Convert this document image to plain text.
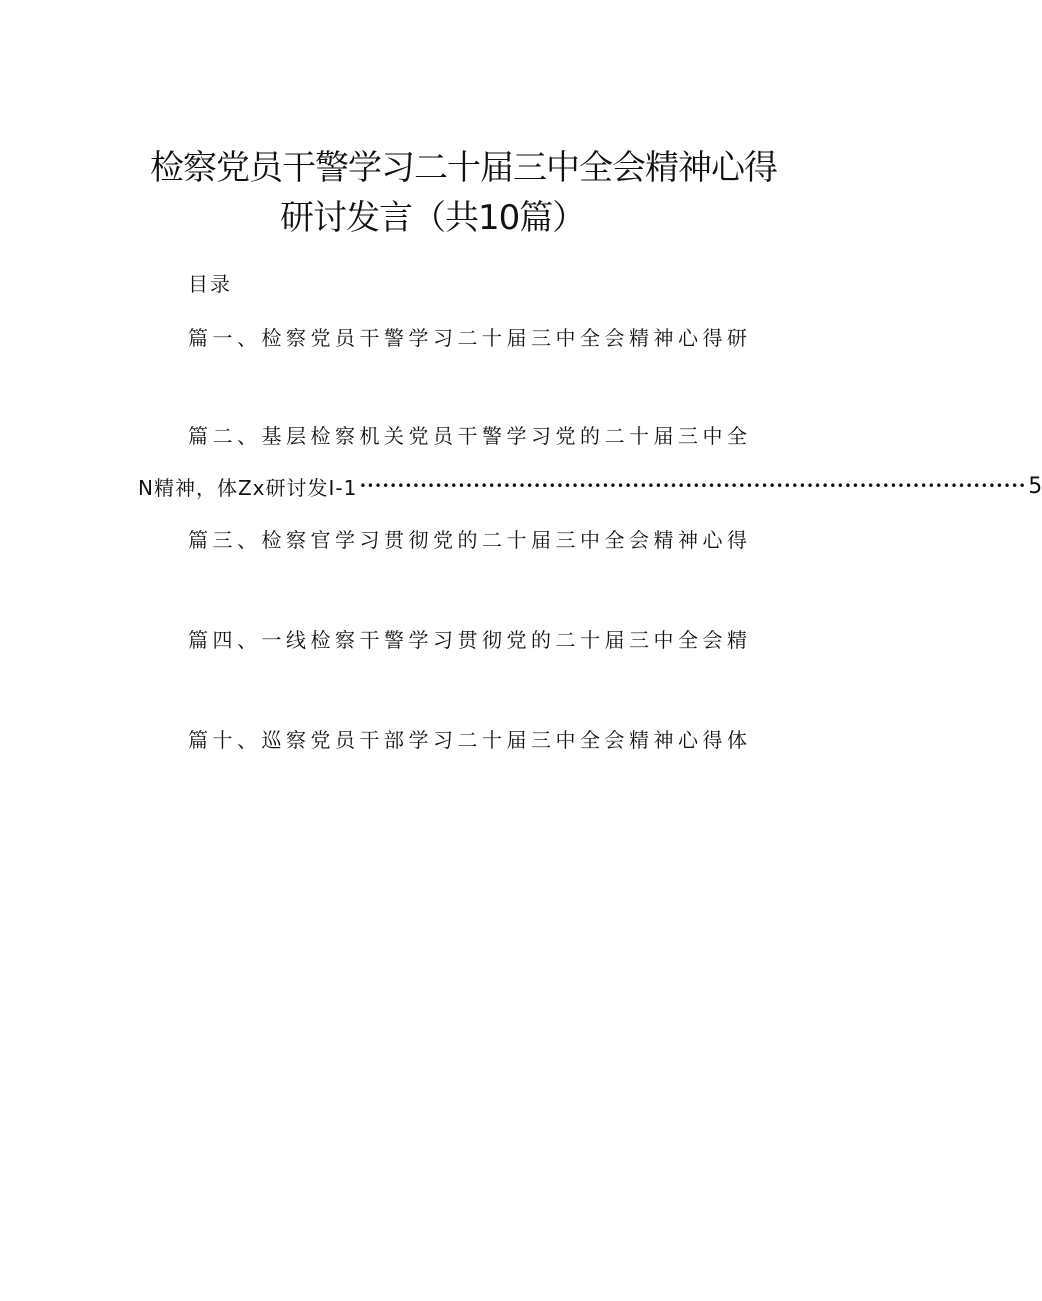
检察党员干警学习二十届三中全会精神心得
研讨发言（共10篇）
目录
篇一、检察党员干警学习二十届三中全会精神心得研
篇二、基层检察机关党员干警学习党的二十届三中全
N精神，体Zx研讨发I-1 •••••••••••••••••••••••••••••••••••••••••••••••••••••••••••••••••••••••••••••••••••••••• 5
篇三、检察官学习贯彻党的二十届三中全会精神心得
篇四、一线检察干警学习贯彻党的二十届三中全会精
篇十、巡察党员干部学习二十届三中全会精神心得体
